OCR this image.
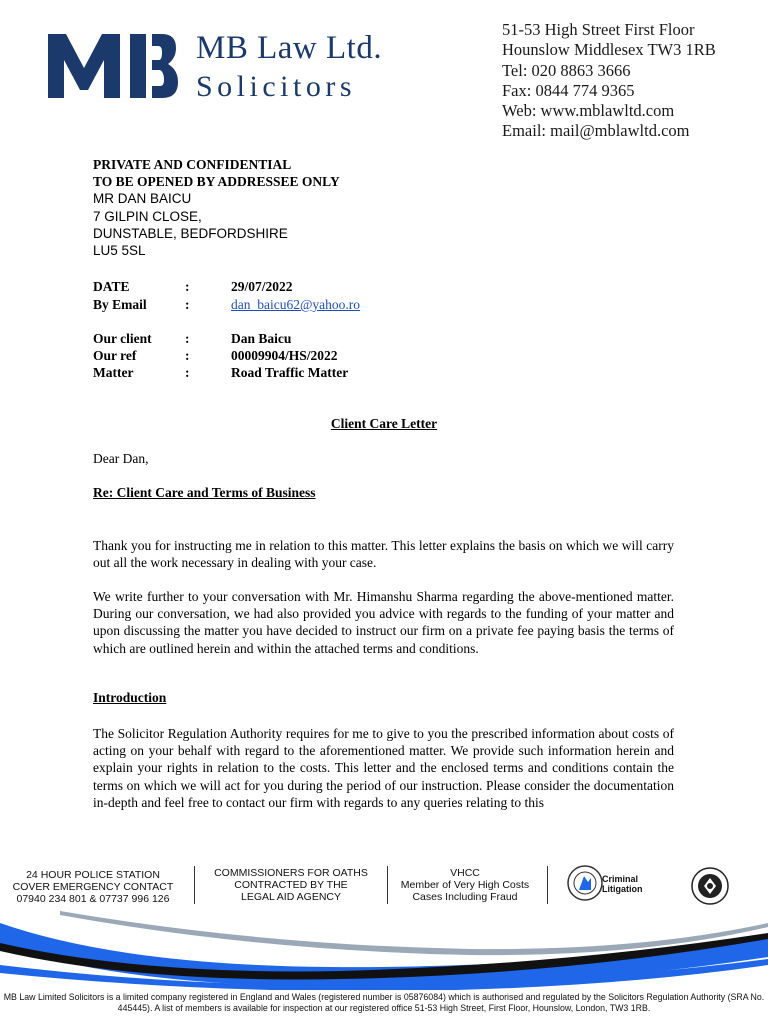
MB Law Ltd.
Solicitors
51-53 High Street First Floor
Hounslow Middlesex TW3 1RB
Tel: 020 8863 3666
Fax: 0844 774 9365
Web: www.mblawltd.com
Email: mail@mblawltd.com
PRIVATE AND CONFIDENTIAL
TO BE OPENED BY ADDRESSEE ONLY
MR DAN BAICU
7 GILPIN CLOSE,
DUNSTABLE, BEDFORDSHIRE
LU5 5SL
DATE	:	29/07/2022
By Email	:	dan_baicu62@yahoo.ro
Our client :	Dan Baicu
Our ref	:	00009904/HS/2022
Matter	:	Road Traffic Matter
Client Care Letter
Dear Dan,
Re: Client Care and Terms of Business
Thank you for instructing me in relation to this matter. This letter explains the basis on which we will carry out all the work necessary in dealing with your case.
We write further to your conversation with Mr. Himanshu Sharma regarding the above-mentioned matter. During our conversation, we had also provided you advice with regards to the funding of your matter and upon discussing the matter you have decided to instruct our firm on a private fee paying basis the terms of which are outlined herein and within the attached terms and conditions.
Introduction
The Solicitor Regulation Authority requires for me to give to you the prescribed information about costs of acting on your behalf with regard to the aforementioned matter. We provide such information herein and explain your rights in relation to the costs. This letter and the enclosed terms and conditions contain the terms on which we will act for you during the period of our instruction. Please consider the documentation in-depth and feel free to contact our firm with regards to any queries relating to this
24 HOUR POLICE STATION
COVER EMERGENCY CONTACT
07940 234 801 & 07737 996 126
COMMISSIONERS FOR OATHS
CONTRACTED BY THE
LEGAL AID AGENCY
VHCC
Member of Very High Costs
Cases Including Fraud
Criminal
Litigation
MB Law Limited Solicitors is a limited company registered in England and Wales (registered number is 05876084) which is authorised and regulated by the Solicitors Regulation Authority (SRA No. 445445). A list of members is available for inspection at our registered office 51-53 High Street, First Floor, Hounslow, London, TW3 1RB.
